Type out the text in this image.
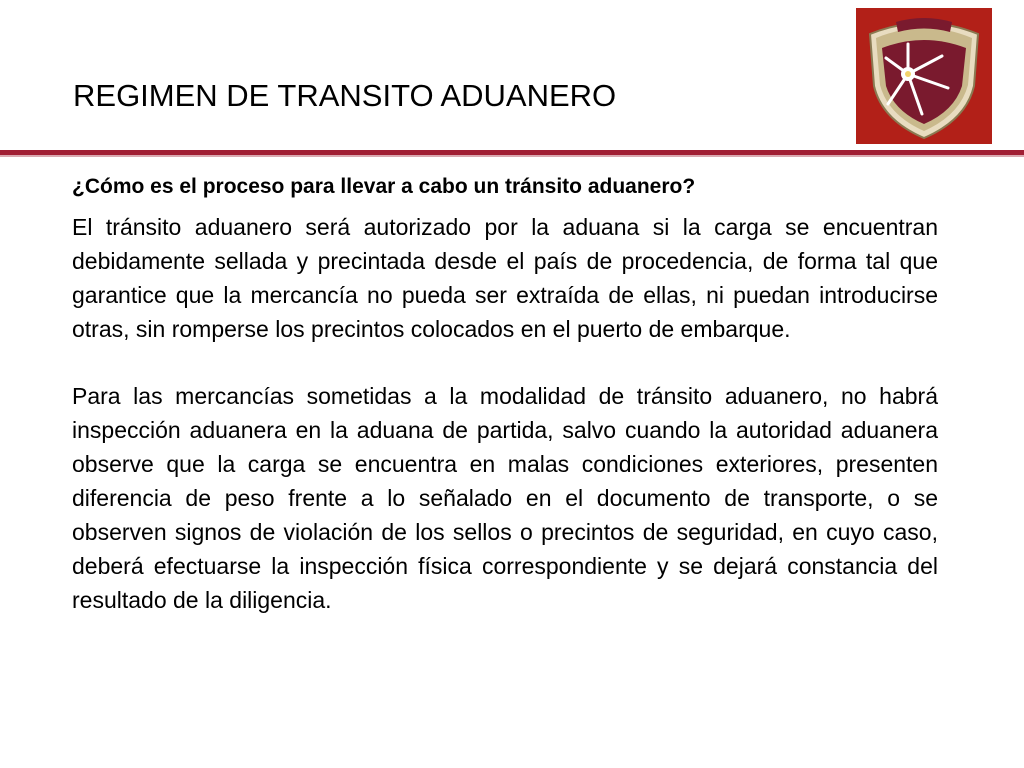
REGIMEN DE TRANSITO ADUANERO

¿Cómo es el proceso para llevar a cabo un tránsito aduanero?

El tránsito aduanero será autorizado por la aduana si la carga se encuentran debidamente sellada y precintada desde el país de procedencia, de forma tal que garantice que la mercancía no pueda ser extraída de ellas, ni puedan introducirse otras, sin romperse los precintos colocados en el puerto de embarque.

Para las mercancías sometidas a la modalidad de tránsito aduanero, no habrá inspección aduanera en la aduana de partida, salvo cuando la autoridad aduanera observe que la carga se encuentra en malas condiciones exteriores, presenten diferencia de peso frente a lo señalado en el documento de transporte, o se observen signos de violación de los sellos o precintos de seguridad, en cuyo caso, deberá efectuarse la inspección física correspondiente y se dejará constancia del resultado de la diligencia.
